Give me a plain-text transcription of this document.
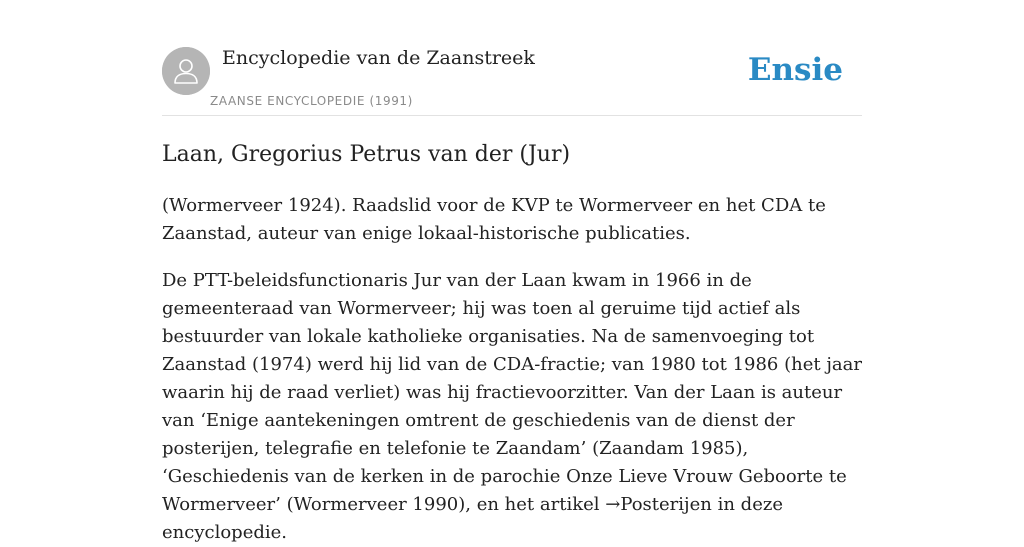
Encyclopedie van de Zaanstreek
ZAANSE ENCYCLOPEDIE (1991)
Ensie
Laan, Gregorius Petrus van der (Jur)

(Wormerveer 1924). Raadslid voor de KVP te Wormerveer en het CDA te Zaanstad, auteur van enige lokaal-historische publicaties.

De PTT-beleidsfunctionaris Jur van der Laan kwam in 1966 in de gemeenteraad van Wormerveer; hij was toen al geruime tijd actief als bestuurder van lokale katholieke organisaties. Na de samenvoeging tot Zaanstad (1974) werd hij lid van de CDA-fractie; van 1980 tot 1986 (het jaar waarin hij de raad verliet) was hij fractievoorzitter. Van der Laan is auteur van ‘Enige aantekeningen omtrent de geschiedenis van de dienst der posterijen, telegrafie en telefonie te Zaandam’ (Zaandam 1985), ‘Geschiedenis van de kerken in de parochie Onze Lieve Vrouw Geboorte te Wormerveer’ (Wormerveer 1990), en het artikel →Posterijen in deze encyclopedie.
